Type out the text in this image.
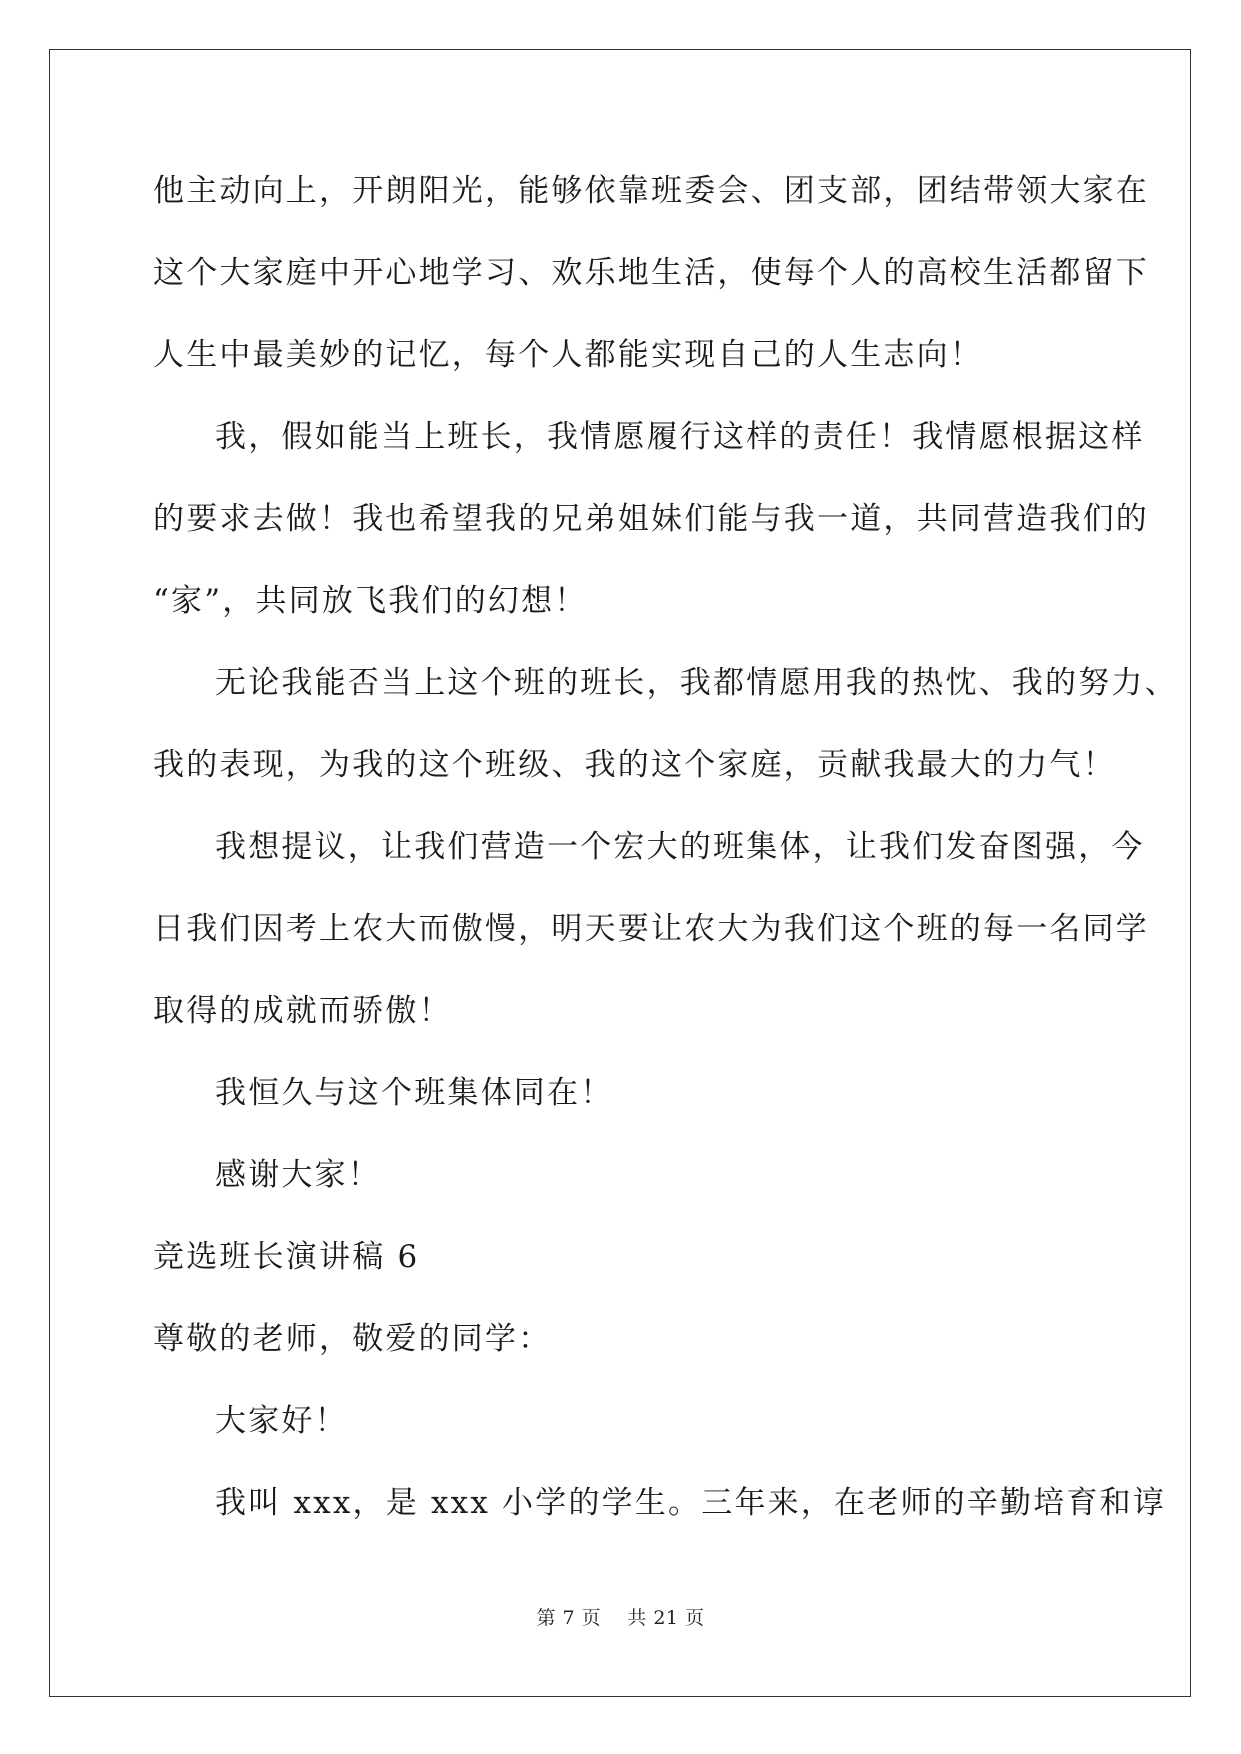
他主动向上，开朗阳光，能够依靠班委会、团支部，团结带领大家在
这个大家庭中开心地学习、欢乐地生活，使每个人的高校生活都留下
人生中最美妙的记忆，每个人都能实现自己的人生志向！
我，假如能当上班长，我情愿履行这样的责任！我情愿根据这样
的要求去做！我也希望我的兄弟姐妹们能与我一道，共同营造我们的
“家”，共同放飞我们的幻想！
无论我能否当上这个班的班长，我都情愿用我的热忱、我的努力、
我的表现，为我的这个班级、我的这个家庭，贡献我最大的力气！
我想提议，让我们营造一个宏大的班集体，让我们发奋图强，今
日我们因考上农大而傲慢，明天要让农大为我们这个班的每一名同学
取得的成就而骄傲！
我恒久与这个班集体同在！
感谢大家！
竞选班长演讲稿 6
尊敬的老师，敬爱的同学：
大家好！
我叫 xxx，是 xxx 小学的学生。三年来，在老师的辛勤培育和谆
第 7 页 共 21 页
